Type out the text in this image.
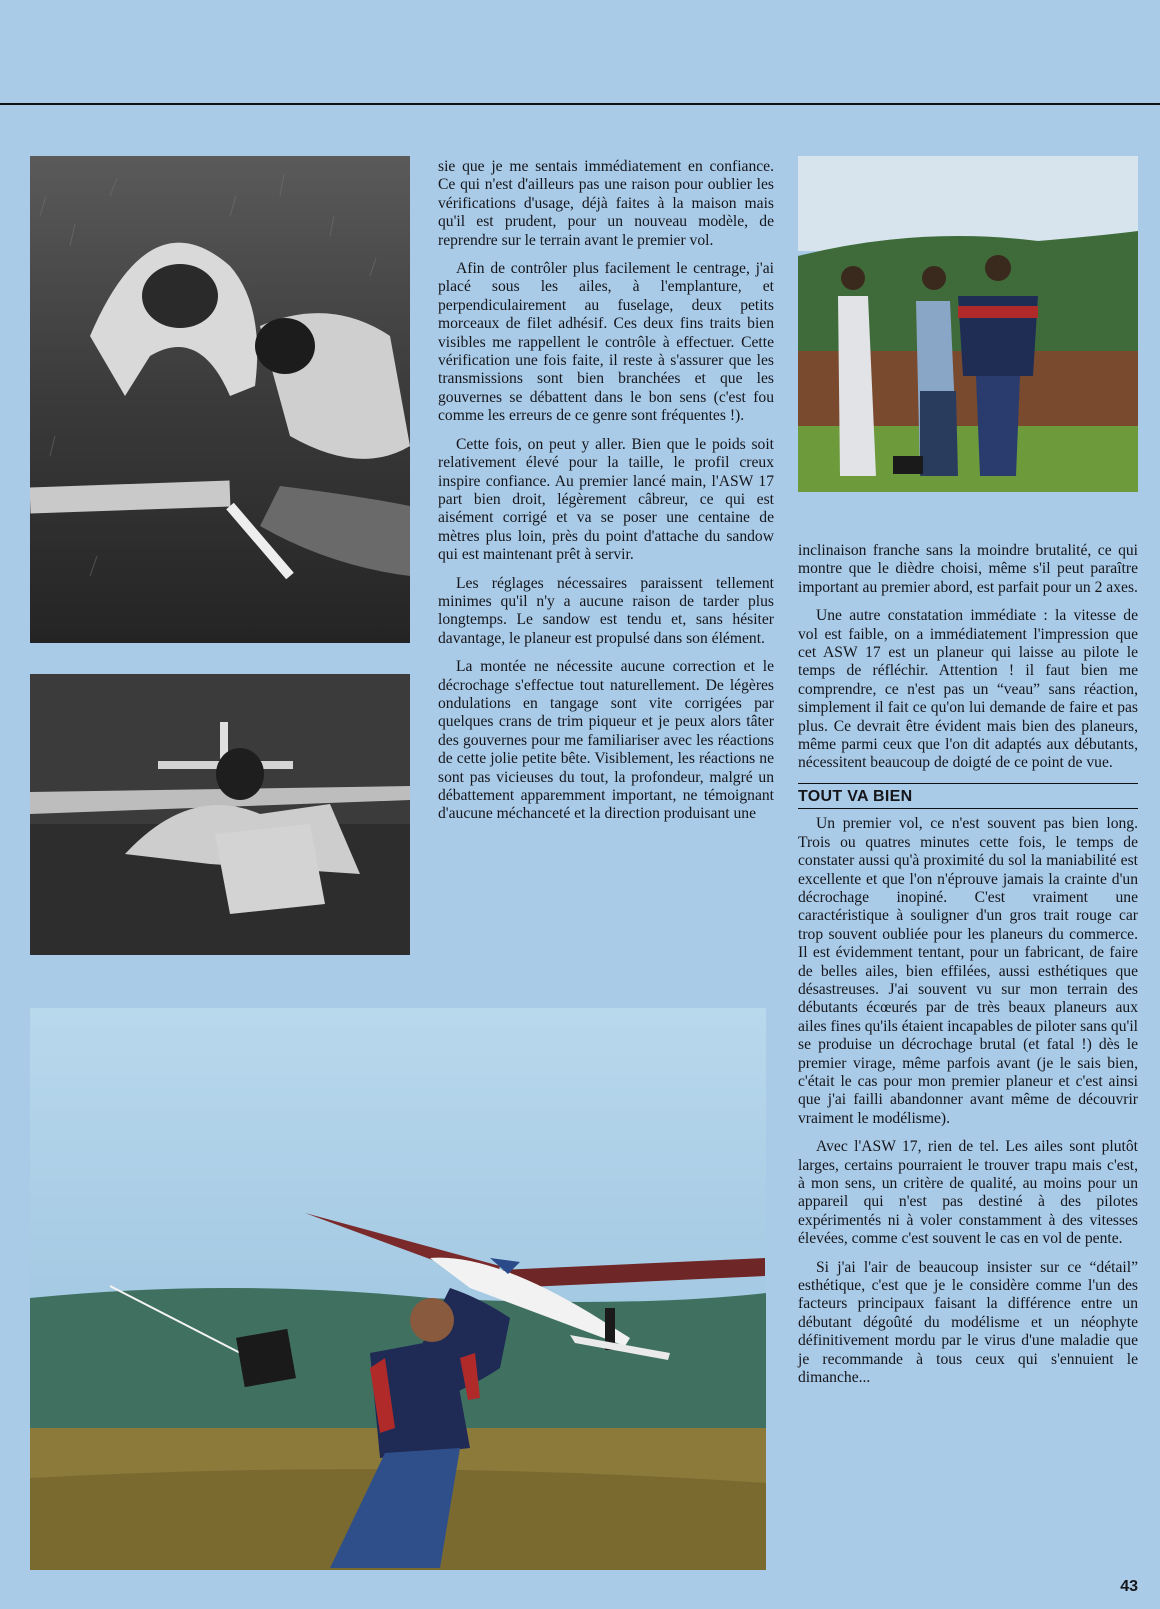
sie que je me sentais immédiatement en confiance. Ce qui n'est d'ailleurs pas une raison pour oublier les vérifications d'usage, déjà faites à la maison mais qu'il est prudent, pour un nouveau modèle, de reprendre sur le terrain avant le premier vol.

Afin de contrôler plus facilement le centrage, j'ai placé sous les ailes, à l'emplanture, et perpendiculairement au fuselage, deux petits morceaux de filet adhésif. Ces deux fins traits bien visibles me rappellent le contrôle à effectuer. Cette vérification une fois faite, il reste à s'assurer que les transmissions sont bien branchées et que les gouvernes se débattent dans le bon sens (c'est fou comme les erreurs de ce genre sont fréquentes !).

Cette fois, on peut y aller. Bien que le poids soit relativement élevé pour la taille, le profil creux inspire confiance. Au premier lancé main, l'ASW 17 part bien droit, légèrement câbreur, ce qui est aisément corrigé et va se poser une centaine de mètres plus loin, près du point d'attache du sandow qui est maintenant prêt à servir.

Les réglages nécessaires paraissent tellement minimes qu'il n'y a aucune raison de tarder plus longtemps. Le sandow est tendu et, sans hésiter davantage, le planeur est propulsé dans son élément.

La montée ne nécessite aucune correction et le décrochage s'effectue tout naturellement. De légères ondulations en tangage sont vite corrigées par quelques crans de trim piqueur et je peux alors tâter des gouvernes pour me familiariser avec les réactions de cette jolie petite bête. Visiblement, les réactions ne sont pas vicieuses du tout, la profondeur, malgré un débattement apparemment important, ne témoignant d'aucune méchanceté et la direction produisant une

inclinaison franche sans la moindre brutalité, ce qui montre que le dièdre choisi, même s'il peut paraître important au premier abord, est parfait pour un 2 axes.

Une autre constatation immédiate : la vitesse de vol est faible, on a immédiatement l'impression que cet ASW 17 est un planeur qui laisse au pilote le temps de réfléchir. Attention ! il faut bien me comprendre, ce n'est pas un “veau” sans réaction, simplement il fait ce qu'on lui demande de faire et pas plus. Ce devrait être évident mais bien des planeurs, même parmi ceux que l'on dit adaptés aux débutants, nécessitent beaucoup de doigté de ce point de vue.

TOUT VA BIEN

Un premier vol, ce n'est souvent pas bien long. Trois ou quatres minutes cette fois, le temps de constater aussi qu'à proximité du sol la maniabilité est excellente et que l'on n'éprouve jamais la crainte d'un décrochage inopiné. C'est vraiment une caractéristique à souligner d'un gros trait rouge car trop souvent oubliée pour les planeurs du commerce. Il est évidemment tentant, pour un fabricant, de faire de belles ailes, bien effilées, aussi esthétiques que désastreuses. J'ai souvent vu sur mon terrain des débutants écœurés par de très beaux planeurs aux ailes fines qu'ils étaient incapables de piloter sans qu'il se produise un décrochage brutal (et fatal !) dès le premier virage, même parfois avant (je le sais bien, c'était le cas pour mon premier planeur et c'est ainsi que j'ai failli abandonner avant même de découvrir vraiment le modélisme).

Avec l'ASW 17, rien de tel. Les ailes sont plutôt larges, certains pourraient le trouver trapu mais c'est, à mon sens, un critère de qualité, au moins pour un appareil qui n'est pas destiné à des pilotes expérimentés ni à voler constamment à des vitesses élevées, comme c'est souvent le cas en vol de pente.

Si j'ai l'air de beaucoup insister sur ce “détail” esthétique, c'est que je le considère comme l'un des facteurs principaux faisant la différence entre un débutant dégoûté du modélisme et un néophyte définitivement mordu par le virus d'une maladie que je recommande à tous ceux qui s'ennuient le dimanche...

43
